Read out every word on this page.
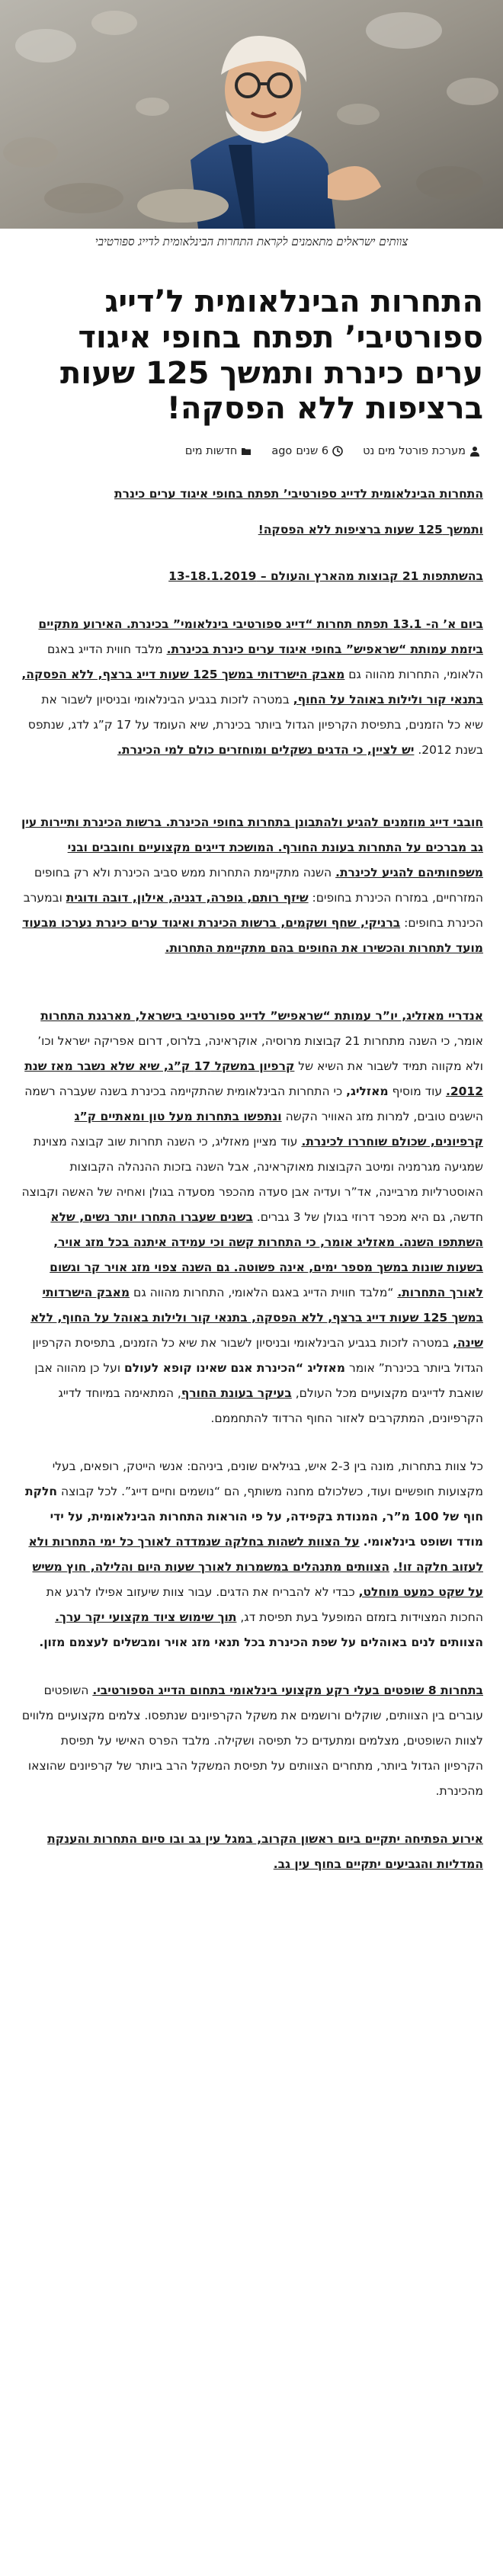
צוותים ישראלים מתאמנים לקראת התחרות הבינלאומית לדייג ספורטיבי
התחרות הבינלאומית ל’דייג ספורטיבי’ תפתח בחופי איגוד ערים כינרת ותמשך 125 שעות ברציפות ללא הפסקה!
מערכת פורטל מים נט
6 שנים
ago
חדשות מים

התחרות הבינלאומית לדייג ספורטיבי’ תפתח בחופי איגוד ערים כינרת

ותמשך 125 שעות ברציפות ללא הפסקה!

בהשתתפות 21 קבוצות מהארץ והעולם – 13-18.1.2019

ביום א’ ה- 13.1 תפתח תחרות “דייג ספורטיבי בינלאומי” בכינרת. האירוע מתקיים ביזמת עמותת “שראפיש” בחופי איגוד ערים כינרת בכינרת. מלבד חווית הדייג באגם הלאומי, התחרות מהווה גם מאבק הישרדותי במשך 125 שעות דייג ברצף, ללא הפסקה, בתנאי קור ולילות באוהל על החוף, במטרה לזכות בגביע הבינלאומי ובניסיון לשבור את שיא כל הזמנים, בתפיסת הקרפיון הגדול ביותר בכינרת, שיא העומד על 17 ק”ג לדג, שנתפס בשנת 2012. יש לציין, כי הדגים נשקלים ומוחזרים כולם למי הכינרת.

חובבי דייג מוזמנים להגיע ולהתבונן בתחרות בחופי הכינרת. ברשות הכינרת ותיירות עין גב מברכים על התחרות בעונת החורף. המושכת דייגים מקצועיים וחובבים ובני משפחותיהם להגיע לכינרת. השנה מתקיימת התחרות ממש סביב הכינרת ולא רק בחופים המזרחיים, במזרח הכינרת בחופים: שיזף רותם, גופרה, דגניה, אילון, דובה ודוגית ובמערב הכינרת בחופים: ברניקי, שחף ושקמים, ברשות הכינרת ואיגוד ערים כינרת נערכו מבעוד מועד לתחרות והכשירו את החופים בהם מתקיימת התחרות.

אנדריי מאזליג, יו”ר עמותת “שראפיש” לדייג ספורטיבי בישראל, מארגנת התחרות אומר, כי השנה מתחרות 21 קבוצות מרוסיה, אוקראינה, בלרוס, דרום אפריקה ישראל וכו’ ולא מקווה תמיד לשבור את השיא של קרפיון במשקל 17 ק”ג, שיא שלא נשבר מאז שנת 2012. עוד מוסיף מאזליג, כי התחרות הבינלאומית שהתקיימה בכינרת בשנה שעברה רשמה הישגים טובים, למרות מזג האוויר הקשה ונתפשו בתחרות מעל טון ומאתיים ק”ג קרפיונים, שכולם שוחררו לכינרת. עוד מציין מאזליג, כי השנה תחרות שוב קבוצה מצוינת שמגיעה מגרמניה ומיטב הקבוצות מאוקראינה, אבל השנה בזכות ההנהלה הקבוצות האוסטרליות מרביינה, אד”ר ועדיה אבן סעדה מהכפר מסעדה בגולן ואחיה של האשה וקבוצה חדשה, גם היא מכפר דרוזי בגולן של 3 גברים. בשנים שעברו התחרו יותר נשים, שלא השתתפו השנה. מאזליג אומר, כי התחרות קשה וכי עמידה איתנה בכל מזג אויר, בשעות שונות במשך מספר ימים, אינה פשוטה. גם השנה צפוי מזג אויר קר וגשום לאורך התחרות. “מלבד חווית הדייג באגם הלאומי, התחרות מהווה גם מאבק הישרדותי במשך 125 שעות דייג ברצף, ללא הפסקה, בתנאי קור ולילות באוהל על החוף, ללא שינה, במטרה לזכות בגביע הבינלאומי ובניסיון לשבור את שיא כל הזמנים, בתפיסת הקרפיון הגדול ביותר בכינרת” אומר מאזליג “הכינרת אגם שאינו קופא לעולם ועל כן מהווה אבן שואבת לדייגים מקצועיים מכל העולם, בעיקר בעונת החורף, המתאימה במיוחד לדייג הקרפיונים, המתקרבים לאזור החוף הרדוד להתחממם.

כל צוות בתחרות, מונה בין 2-3 איש, בגילאים שונים, ביניהם: אנשי הייטק, רופאים, בעלי מקצועות חופשיים ועוד, כשלכולם מחנה משותף, הם “נושמים וחיים דייג”. לכל קבוצה חלקת חוף של 100 מ”ר, המנודת בקפידה, על פי הוראות התחרות הבינלאומית, על ידי מודד ושופט בינלאומי. על הצוות לשהות בחלקה שנמדדה לאורך כל ימי התחרות ולא לעזוב חלקה זו!. הצוותים מתנהלים במשמרות לאורך שעות היום והלילה, חוץ משיש על שקט כמעט מוחלט, כבדי לא להבריח את הדגים. עבור צוות שיעזוב אפילו לרגע את החכות המצוידות בזמזם המופעל בעת תפיסת דג, תוך שימוש ציוד מקצועי יקר ערך. הצוותים לנים באוהלים על שפת הכינרת בכל תנאי מזג אויר ומבשלים לעצמם מזון.

בתחרות 8 שופטים בעלי רקע מקצועי בינלאומי בתחום הדייג הספורטיבי. השופטים עוברים בין הצוותים, שוקלים ורושמים את משקל הקרפיונים שנתפסו. צלמים מקצועיים מלווים לצוות השופטים, מצלמים ומתעדים כל תפיסה ושקילה. מלבד הפרס האישי על תפיסת הקרפיון הגדול ביותר, מתחרים הצוותים על תפיסת המשקל הרב ביותר של קרפיונים שהוצאו מהכינרת.

אירוע הפתיחה יתקיים ביום ראשון הקרוב, במגל עין גב ובו סיום התחרות והענקת המדליות והגביעים יתקיים בחוף עין גב.
